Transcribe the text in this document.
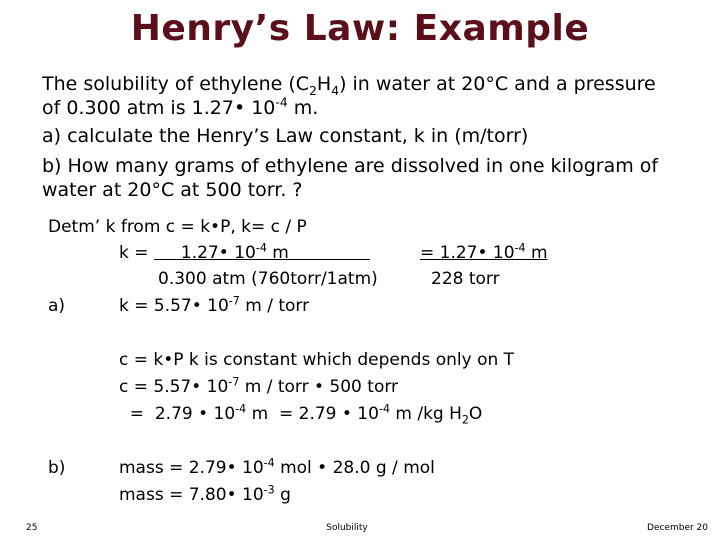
Henry’s Law: Example
The solubility of ethylene $(C_2H_4)$ in water at 20°C and a pressure
of 0.300 atm is 1.27• $10^{-4}$ m.
a) calculate the Henry’s Law constant, k in (m/torr)
b) How many grams of ethylene are dissolved in one kilogram of
water at 20°C at 500 torr. ?
Detm’ k from c = k•P, k= c / P
k =      1.27• $10^{-4}$ m	= 1.27• $10^{-4}$ m
0.300 atm (760torr/1atm)	228 torr
a)	k = 5.57• $10^{-7}$ m / torr
c = k•P k is constant which depends only on T
c = 5.57• $10^{-7}$ m / torr • 500 torr
=  2.79 • $10^{-4}$ m  = 2.79 • $10^{-4}$ m /kg $H_2O$
b)	mass = 2.79• $10^{-4}$ mol • 28.0 g / mol
mass = 7.80• $10^{-3}$ g
25	Solubility	December 20
